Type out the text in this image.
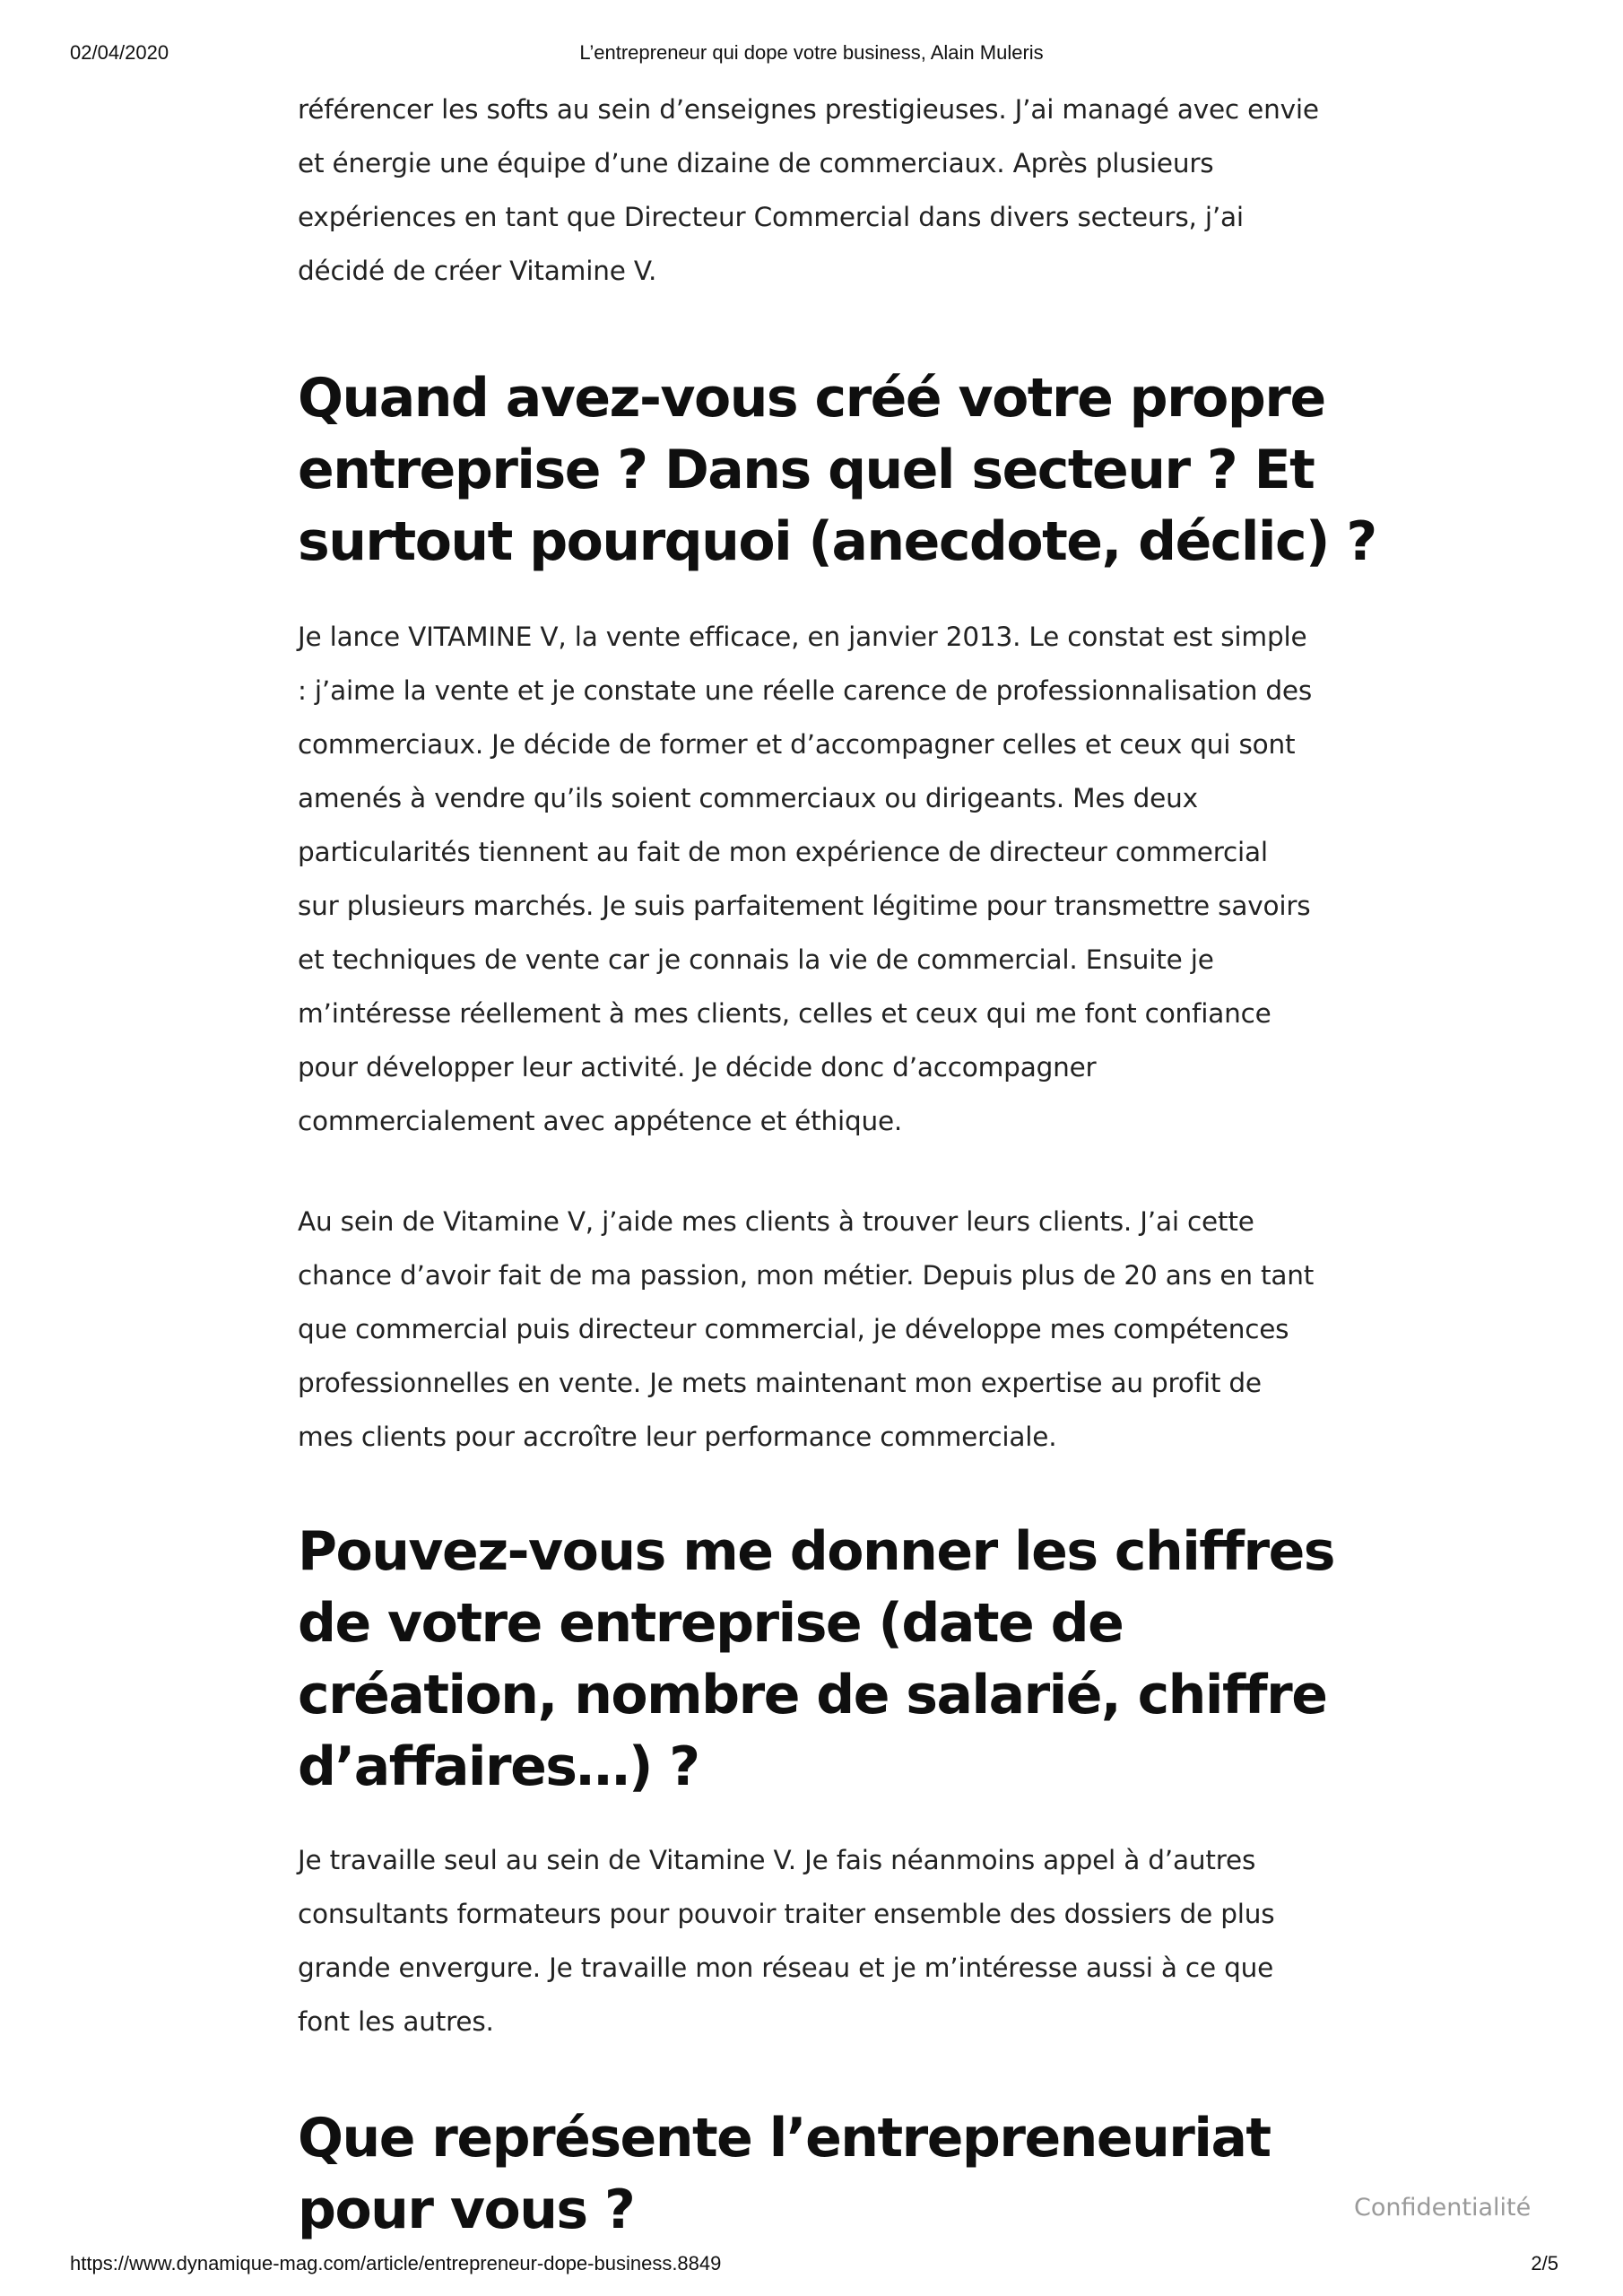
02/04/2020	L’entrepreneur qui dope votre business, Alain Muleris

référencer les softs au sein d’enseignes prestigieuses. J’ai managé avec envie
et énergie une équipe d’une dizaine de commerciaux. Après plusieurs
expériences en tant que Directeur Commercial dans divers secteurs, j’ai
décidé de créer Vitamine V.

Quand avez-vous créé votre propre
entreprise ? Dans quel secteur ? Et
surtout pourquoi (anecdote, déclic) ?

Je lance VITAMINE V, la vente efficace, en janvier 2013. Le constat est simple
: j’aime la vente et je constate une réelle carence de professionnalisation des
commerciaux. Je décide de former et d’accompagner celles et ceux qui sont
amenés à vendre qu’ils soient commerciaux ou dirigeants. Mes deux
particularités tiennent au fait de mon expérience de directeur commercial
sur plusieurs marchés. Je suis parfaitement légitime pour transmettre savoirs
et techniques de vente car je connais la vie de commercial. Ensuite je
m’intéresse réellement à mes clients, celles et ceux qui me font confiance
pour développer leur activité. Je décide donc d’accompagner
commercialement avec appétence et éthique.

Au sein de Vitamine V, j’aide mes clients à trouver leurs clients. J’ai cette
chance d’avoir fait de ma passion, mon métier. Depuis plus de 20 ans en tant
que commercial puis directeur commercial, je développe mes compétences
professionnelles en vente. Je mets maintenant mon expertise au profit de
mes clients pour accroître leur performance commerciale.

Pouvez-vous me donner les chiffres
de votre entreprise (date de
création, nombre de salarié, chiffre
d’affaires…) ?

Je travaille seul au sein de Vitamine V. Je fais néanmoins appel à d’autres
consultants formateurs pour pouvoir traiter ensemble des dossiers de plus
grande envergure. Je travaille mon réseau et je m’intéresse aussi à ce que
font les autres.

Que représente l’entrepreneuriat
pour vous ?	Confidentialité
https://www.dynamique-mag.com/article/entrepreneur-dope-business.8849	2/5
